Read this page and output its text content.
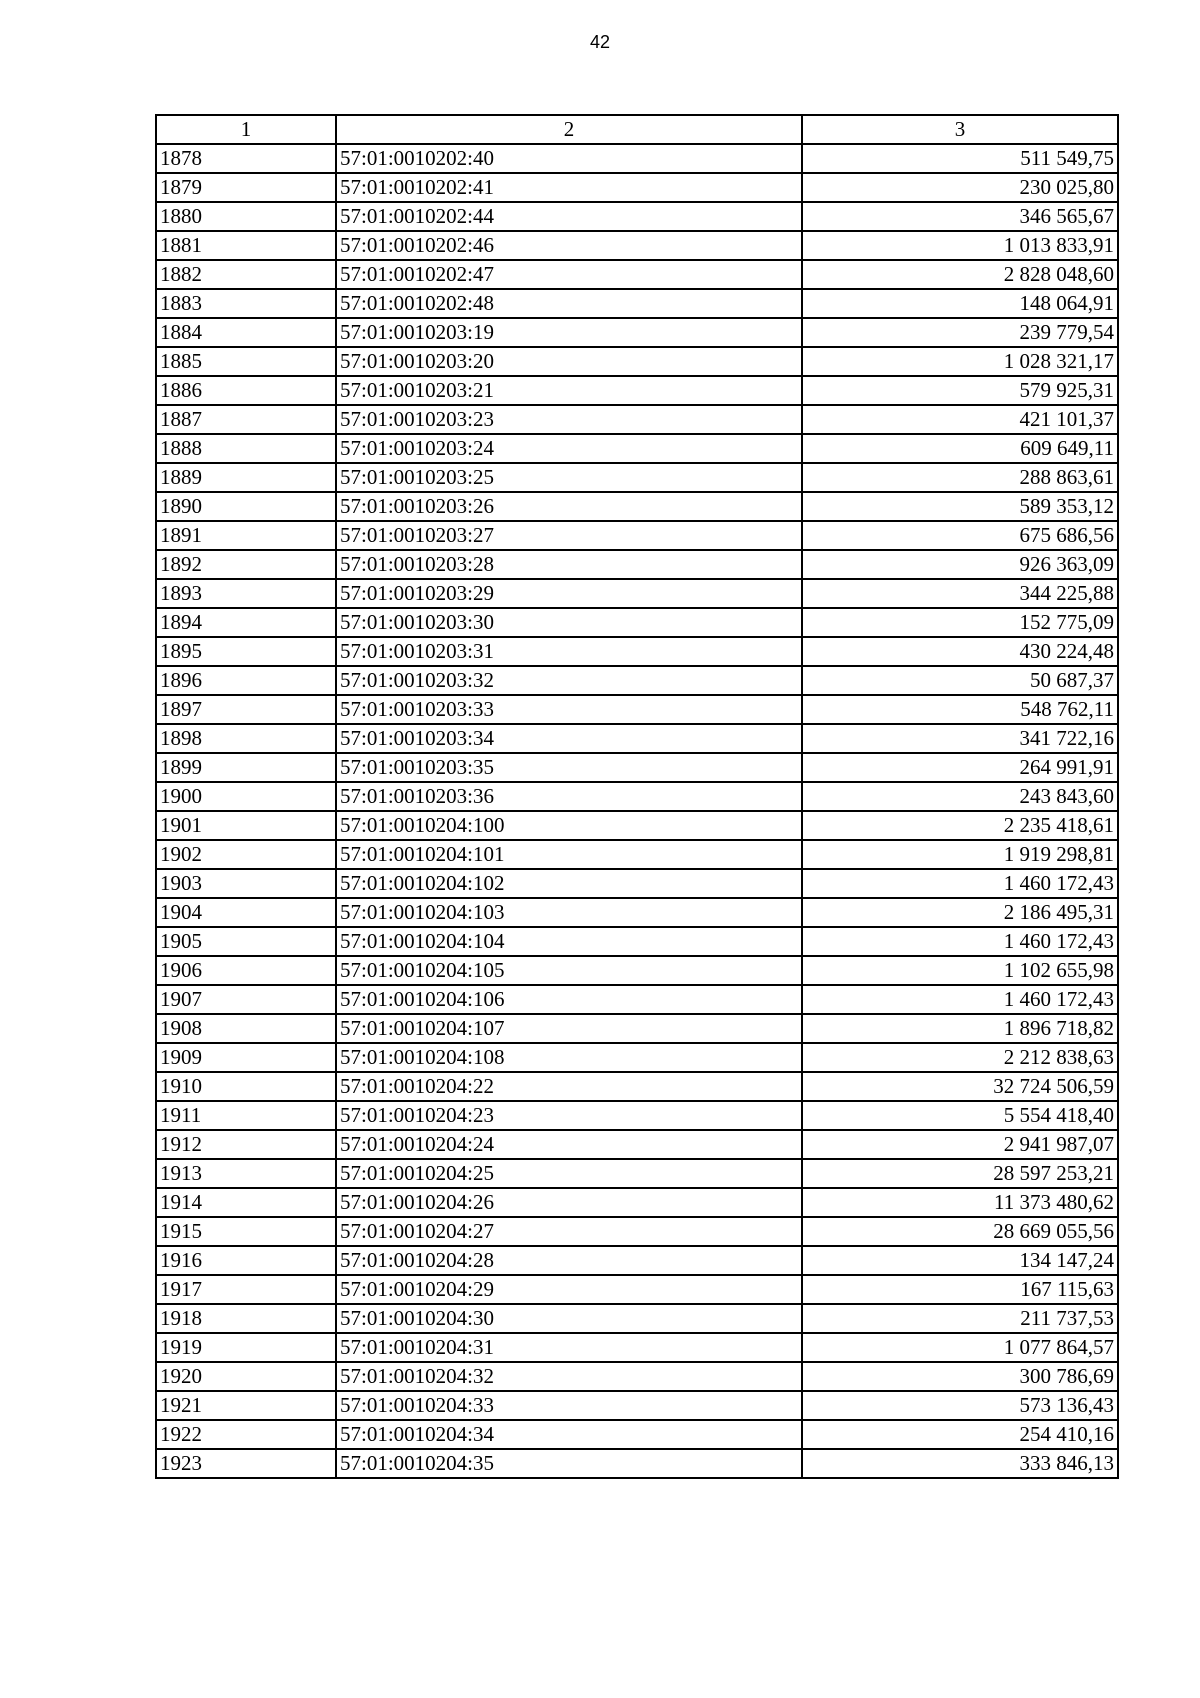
42
1	2	3
1878	57:01:0010202:40	511 549,75
1879	57:01:0010202:41	230 025,80
1880	57:01:0010202:44	346 565,67
1881	57:01:0010202:46	1 013 833,91
1882	57:01:0010202:47	2 828 048,60
1883	57:01:0010202:48	148 064,91
1884	57:01:0010203:19	239 779,54
1885	57:01:0010203:20	1 028 321,17
1886	57:01:0010203:21	579 925,31
1887	57:01:0010203:23	421 101,37
1888	57:01:0010203:24	609 649,11
1889	57:01:0010203:25	288 863,61
1890	57:01:0010203:26	589 353,12
1891	57:01:0010203:27	675 686,56
1892	57:01:0010203:28	926 363,09
1893	57:01:0010203:29	344 225,88
1894	57:01:0010203:30	152 775,09
1895	57:01:0010203:31	430 224,48
1896	57:01:0010203:32	50 687,37
1897	57:01:0010203:33	548 762,11
1898	57:01:0010203:34	341 722,16
1899	57:01:0010203:35	264 991,91
1900	57:01:0010203:36	243 843,60
1901	57:01:0010204:100	2 235 418,61
1902	57:01:0010204:101	1 919 298,81
1903	57:01:0010204:102	1 460 172,43
1904	57:01:0010204:103	2 186 495,31
1905	57:01:0010204:104	1 460 172,43
1906	57:01:0010204:105	1 102 655,98
1907	57:01:0010204:106	1 460 172,43
1908	57:01:0010204:107	1 896 718,82
1909	57:01:0010204:108	2 212 838,63
1910	57:01:0010204:22	32 724 506,59
1911	57:01:0010204:23	5 554 418,40
1912	57:01:0010204:24	2 941 987,07
1913	57:01:0010204:25	28 597 253,21
1914	57:01:0010204:26	11 373 480,62
1915	57:01:0010204:27	28 669 055,56
1916	57:01:0010204:28	134 147,24
1917	57:01:0010204:29	167 115,63
1918	57:01:0010204:30	211 737,53
1919	57:01:0010204:31	1 077 864,57
1920	57:01:0010204:32	300 786,69
1921	57:01:0010204:33	573 136,43
1922	57:01:0010204:34	254 410,16
1923	57:01:0010204:35	333 846,13
